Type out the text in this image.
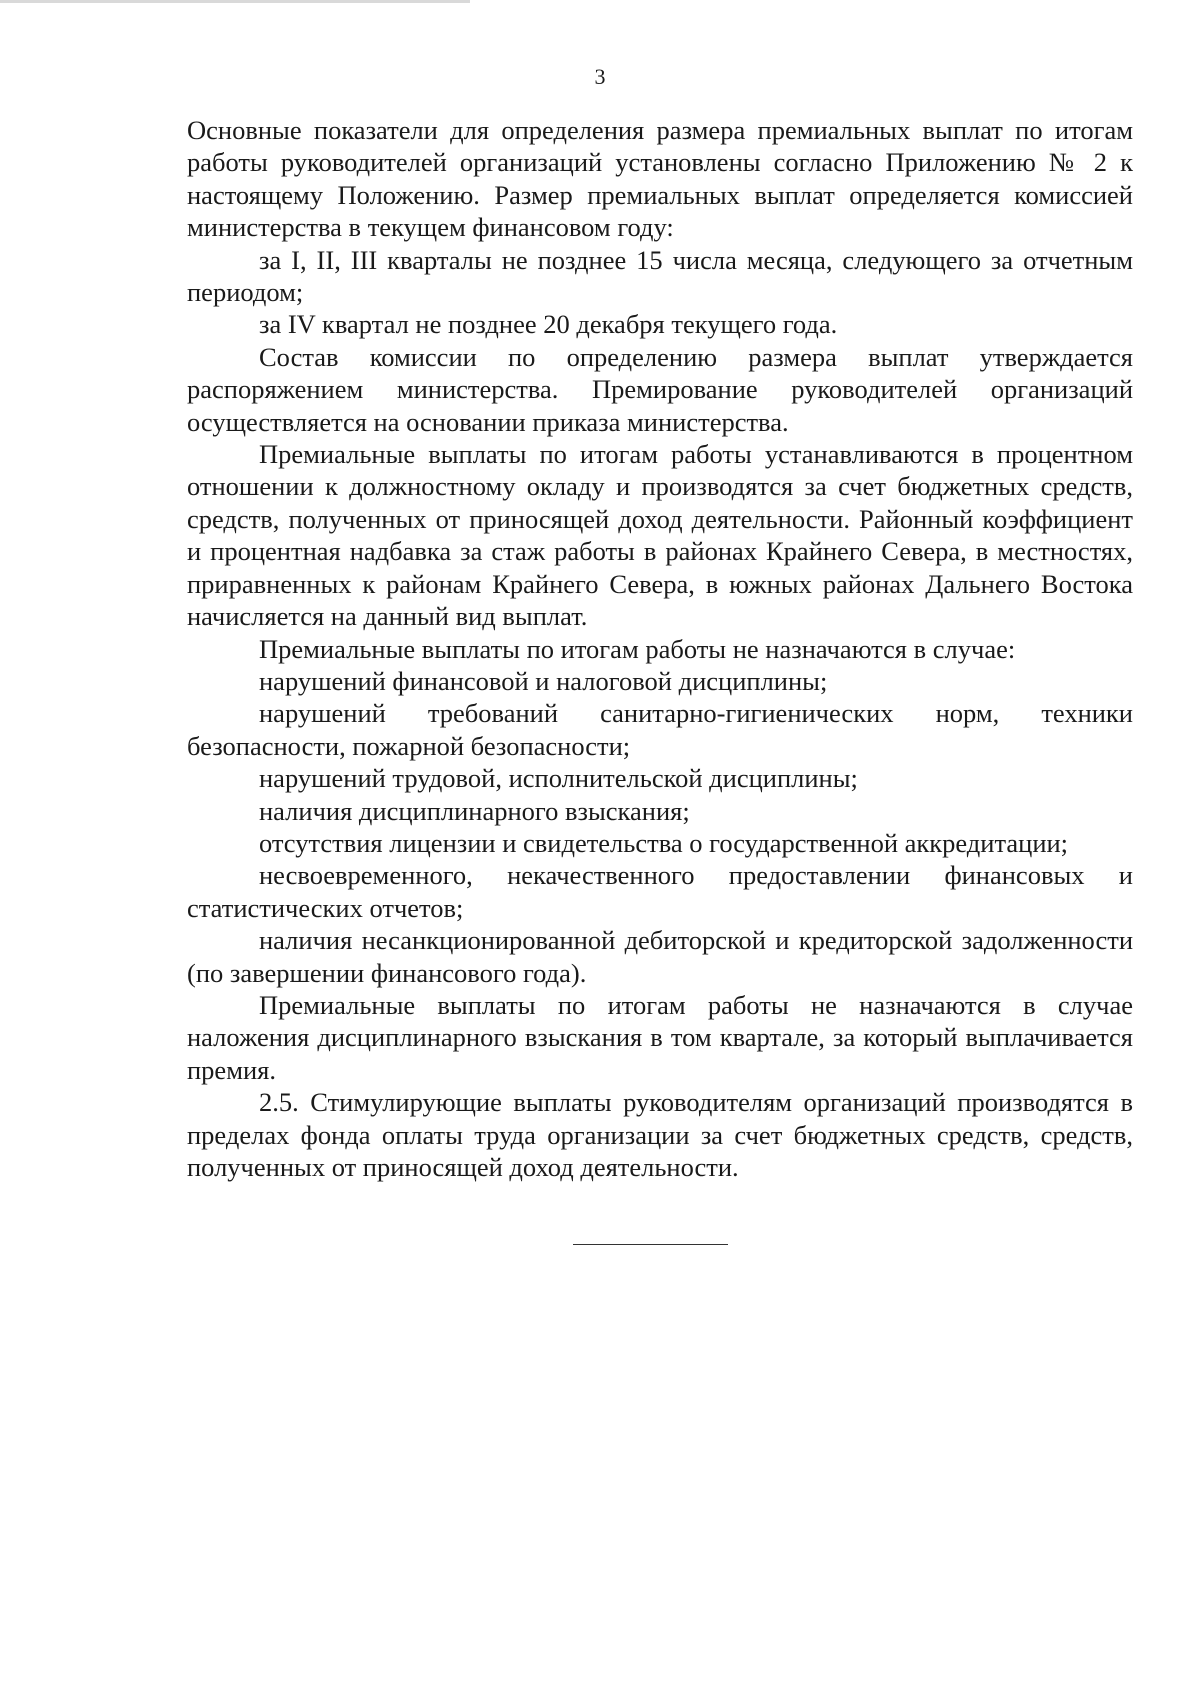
3

Основные показатели для определения размера премиальных выплат по итогам работы руководителей организаций установлены согласно Приложению № 2 к настоящему Положению. Размер премиальных выплат определяется комиссией министерства в текущем финансовом году:

за I, II, III кварталы не позднее 15 числа месяца, следующего за отчетным периодом;

за IV квартал не позднее 20 декабря текущего года.

Состав комиссии по определению размера выплат утверждается распоряжением министерства. Премирование руководителей организаций осуществляется на основании приказа министерства.

Премиальные выплаты по итогам работы устанавливаются в процентном отношении к должностному окладу и производятся за счет бюджетных средств, средств, полученных от приносящей доход деятельности. Районный коэффициент и процентная надбавка за стаж работы в районах Крайнего Севера, в местностях, приравненных к районам Крайнего Севера, в южных районах Дальнего Востока начисляется на данный вид выплат.

Премиальные выплаты по итогам работы не назначаются в случае:

нарушений финансовой и налоговой дисциплины;

нарушений требований санитарно-гигиенических норм, техники безопасности, пожарной безопасности;

нарушений трудовой, исполнительской дисциплины;

наличия дисциплинарного взыскания;

отсутствия лицензии и свидетельства о государственной аккредитации;

несвоевременного, некачественного предоставлении финансовых и статистических отчетов;

наличия несанкционированной дебиторской и кредиторской задолженности (по завершении финансового года).

Премиальные выплаты по итогам работы не назначаются в случае наложения дисциплинарного взыскания в том квартале, за который выплачивается премия.

2.5. Стимулирующие выплаты руководителям организаций производятся в пределах фонда оплаты труда организации за счет бюджетных средств, средств, полученных от приносящей доход деятельности.
